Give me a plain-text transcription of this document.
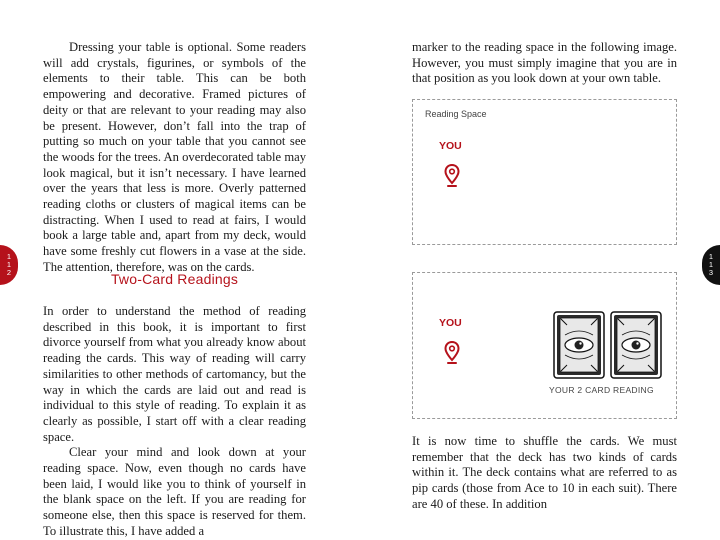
Dressing your table is optional. Some readers will add crystals, figurines, or symbols of the elements to their table. This can be both empowering and decorative. Framed pictures of deity or that are relevant to your reading may also be present. However, don’t fall into the trap of putting so much on your table that you cannot see the woods for the trees. An overdecorated table may look magical, but it isn’t necessary. I have learned over the years that less is more. Overly patterned reading cloths or clusters of magical items can be distracting. When I used to read at fairs, I would book a large table and, apart from my deck, would have some freshly cut flowers in a vase at the side. The attention, therefore, was on the cards.

Two-Card Readings

In order to understand the method of reading described in this book, it is important to first divorce yourself from what you already know about reading the cards. This way of reading will carry similarities to other methods of cartomancy, but the way in which the cards are laid out and read is individual to this style of reading. To explain it as clearly as possible, I start off with a clear reading space.

Clear your mind and look down at your reading space. Now, even though no cards have been laid, I would like you to think of yourself in the blank space on the left. If you are reading for someone else, then this space is reserved for them. To illustrate this, I have added a

1
1
2
1
1
3

marker to the reading space in the following image. However, you must simply imagine that you are in that position as you look down at your own table.

Reading Space
YOU
YOU
YOUR 2 CARD READING

It is now time to shuffle the cards. We must remember that the deck has two kinds of cards within it. The deck contains what are referred to as pip cards (those from Ace to 10 in each suit). There are 40 of these. In addition
